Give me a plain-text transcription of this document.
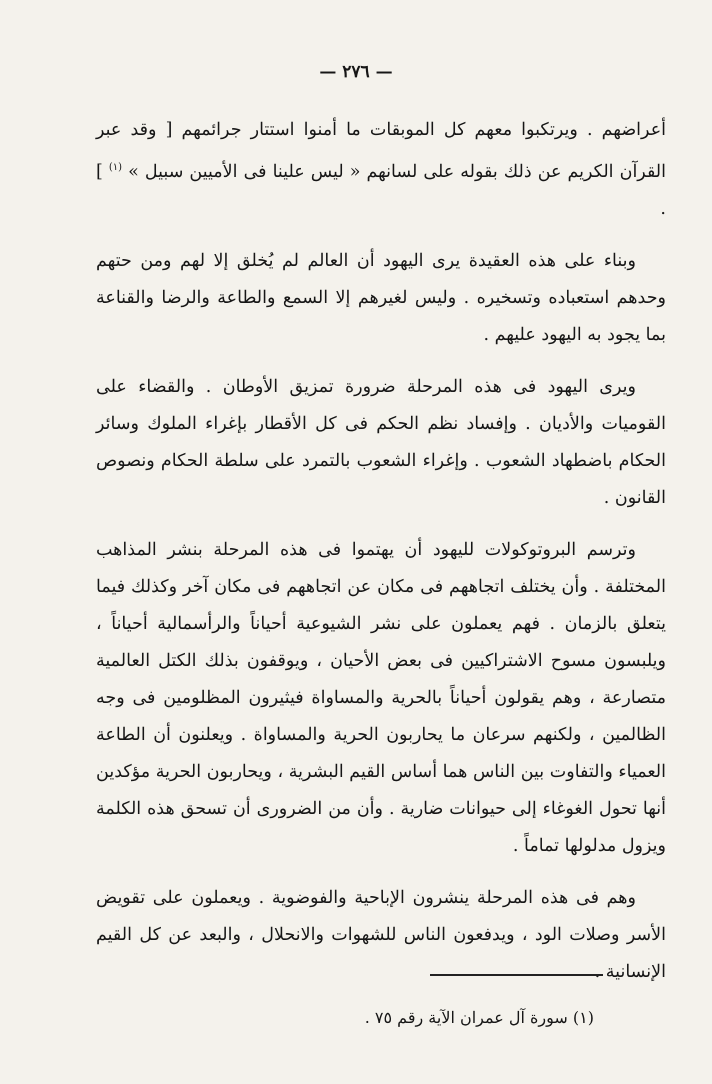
— ٢٧٦ —

أعراضهم . ويرتكبوا معهم كل الموبقات ما أمنوا استتار جرائمهم [ وقد عبر القرآن الكريم عن ذلك بقوله على لسانهم « ليس علينا فى الأميين سبيل » $^{(١)}$ ] .

وبناء على هذه العقيدة يرى اليهود أن العالم لم يُخلق إلا لهم ومن حتهم وحدهم استعباده وتسخيره . وليس لغيرهم إلا السمع والطاعة والرضا والقناعة بما يجود به اليهود عليهم .

ويرى اليهود فى هذه المرحلة ضرورة تمزيق الأوطان . والقضاء على القوميات والأديان . وإفساد نظم الحكم فى كل الأقطار بإغراء الملوك وسائر الحكام باضطهاد الشعوب . وإغراء الشعوب بالتمرد على سلطة الحكام ونصوص القانون .

وترسم البروتوكولات لليهود أن يهتموا فى هذه المرحلة بنشر المذاهب المختلفة . وأن يختلف اتجاههم فى مكان عن اتجاههم فى مكان آخر وكذلك فيما يتعلق بالزمان . فهم يعملون على نشر الشيوعية أحياناً والرأسمالية أحياناً ، ويلبسون مسوح الاشتراكيين فى بعض الأحيان ، ويوقفون بذلك الكتل العالمية متصارعة ، وهم يقولون أحياناً بالحرية والمساواة فيثيرون المظلومين فى وجه الظالمين ، ولكنهم سرعان ما يحاربون الحرية والمساواة . ويعلنون أن الطاعة العمياء والتفاوت بين الناس هما أساس القيم البشرية ، ويحاربون الحرية مؤكدين أنها تحول الغوغاء إلى حيوانات ضارية . وأن من الضرورى أن تسحق هذه الكلمة ويزول مدلولها تماماً .

وهم فى هذه المرحلة ينشرون الإباحية والفوضوية . ويعملون على تقويض الأسر وصلات الود ، ويدفعون الناس للشهوات والانحلال ، والبعد عن كل القيم الإنسانية .

(١) سورة آل عمران الآية رقم ٧٥ .
